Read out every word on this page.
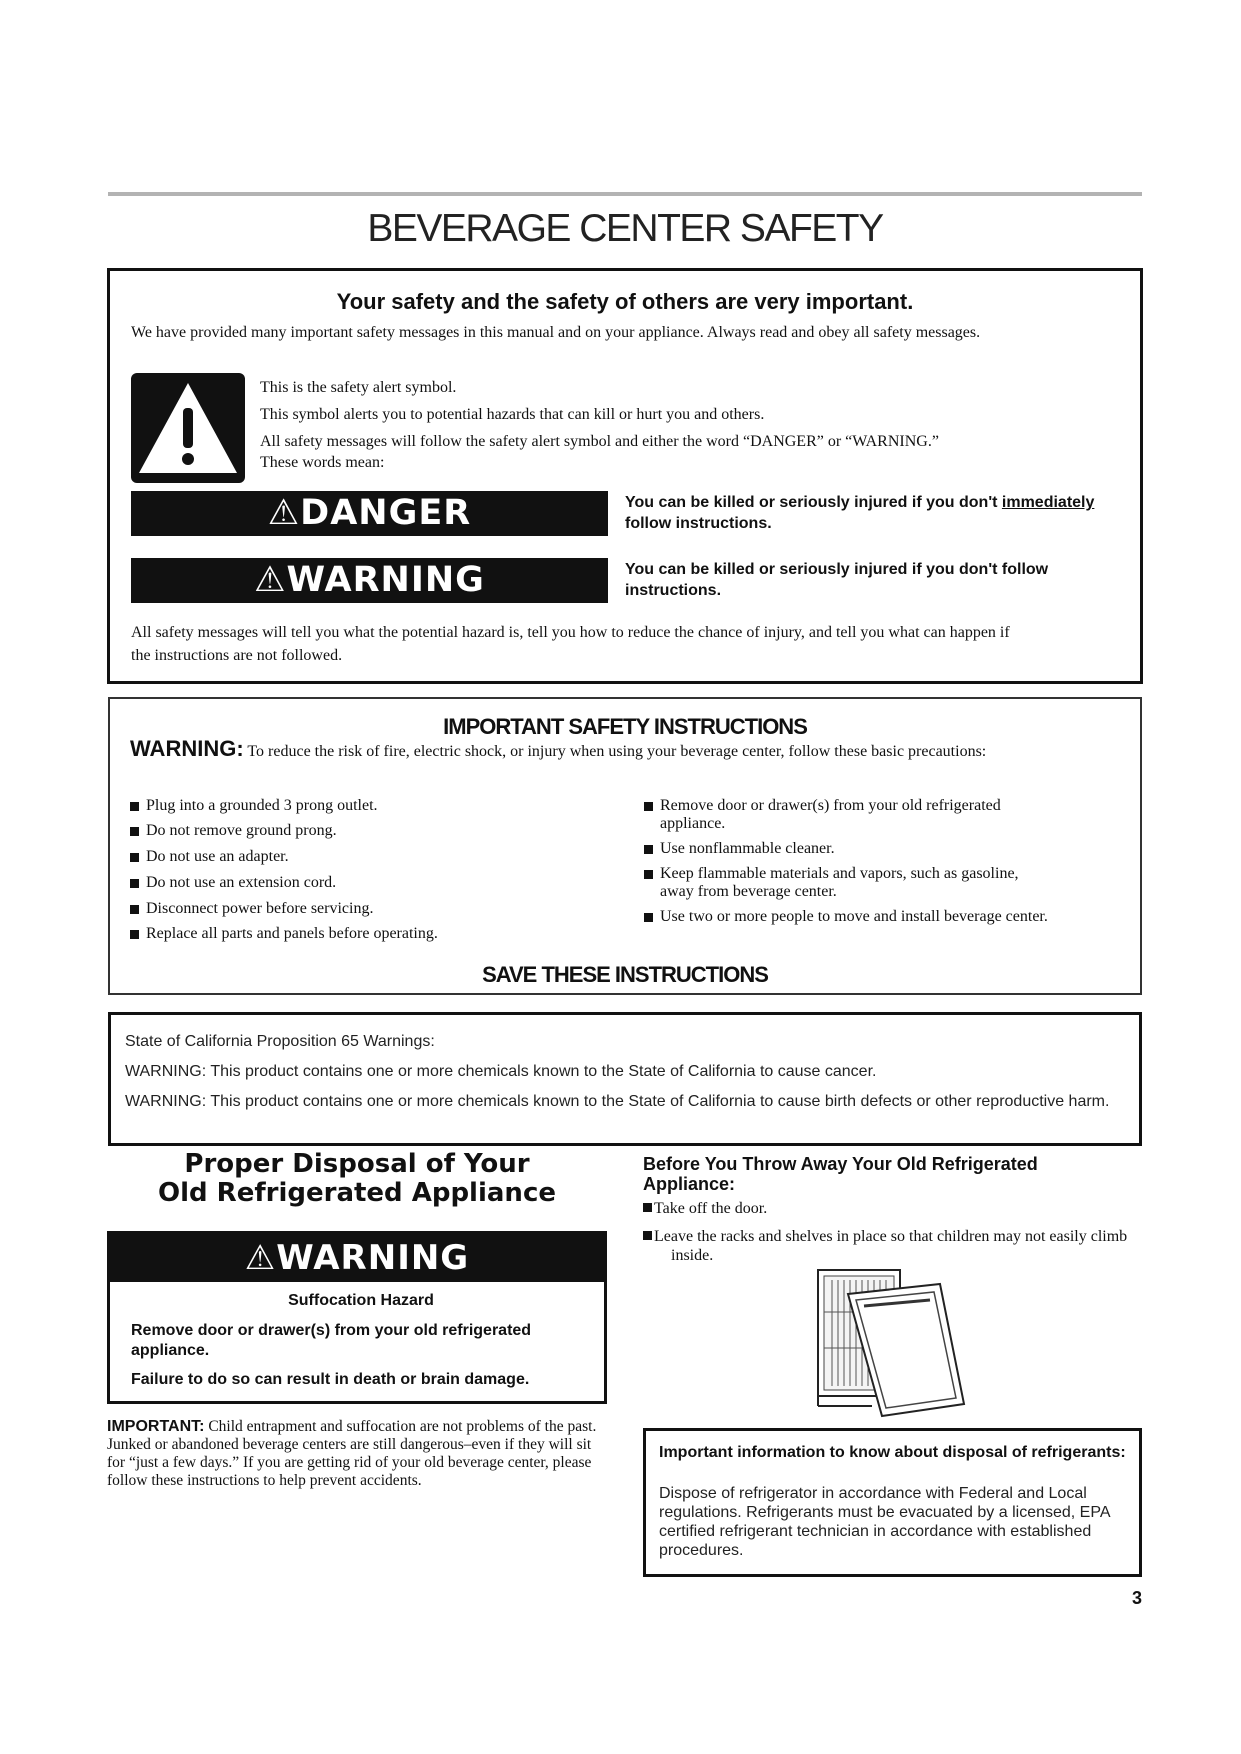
BEVERAGE CENTER SAFETY
Your safety and the safety of others are very important.
We have provided many important safety messages in this manual and on your appliance. Always read and obey all safety messages.
This is the safety alert symbol.
This symbol alerts you to potential hazards that can kill or hurt you and others.
All safety messages will follow the safety alert symbol and either the word “DANGER” or “WARNING.”
These words mean:
⚠DANGER	You can be killed or seriously injured if you don't immediately
follow instructions.
⚠WARNING	You can be killed or seriously injured if you don't follow instructions.
All safety messages will tell you what the potential hazard is, tell you how to reduce the chance of injury, and tell you what can happen if the instructions are not followed.
IMPORTANT SAFETY INSTRUCTIONS
WARNING: To reduce the risk of fire, electric shock, or injury when using your beverage center, follow these basic precautions:
Plug into a grounded 3 prong outlet.
Do not remove ground prong.
Do not use an adapter.
Do not use an extension cord.
Disconnect power before servicing.
Replace all parts and panels before operating.
Remove door or drawer(s) from your old refrigerated appliance.
Use nonflammable cleaner.
Keep flammable materials and vapors, such as gasoline, away from beverage center.
Use two or more people to move and install beverage center.
SAVE THESE INSTRUCTIONS
State of California Proposition 65 Warnings:
WARNING: This product contains one or more chemicals known to the State of California to cause cancer.
WARNING: This product contains one or more chemicals known to the State of California to cause birth defects or other reproductive harm.
Proper Disposal of Your
Old Refrigerated Appliance
⚠WARNING
Suffocation Hazard
Remove door or drawer(s) from your old refrigerated appliance.
Failure to do so can result in death or brain damage.
IMPORTANT: Child entrapment and suffocation are not problems of the past. Junked or abandoned beverage centers are still dangerous–even if they will sit for “just a few days.” If you are getting rid of your old beverage center, please follow these instructions to help prevent accidents.
Before You Throw Away Your Old Refrigerated Appliance:
Take off the door.
Leave the racks and shelves in place so that children may not easily climb inside.
Important information to know about disposal of refrigerants:
Dispose of refrigerator in accordance with Federal and Local regulations. Refrigerants must be evacuated by a licensed, EPA certified refrigerant technician in accordance with established procedures.
3
